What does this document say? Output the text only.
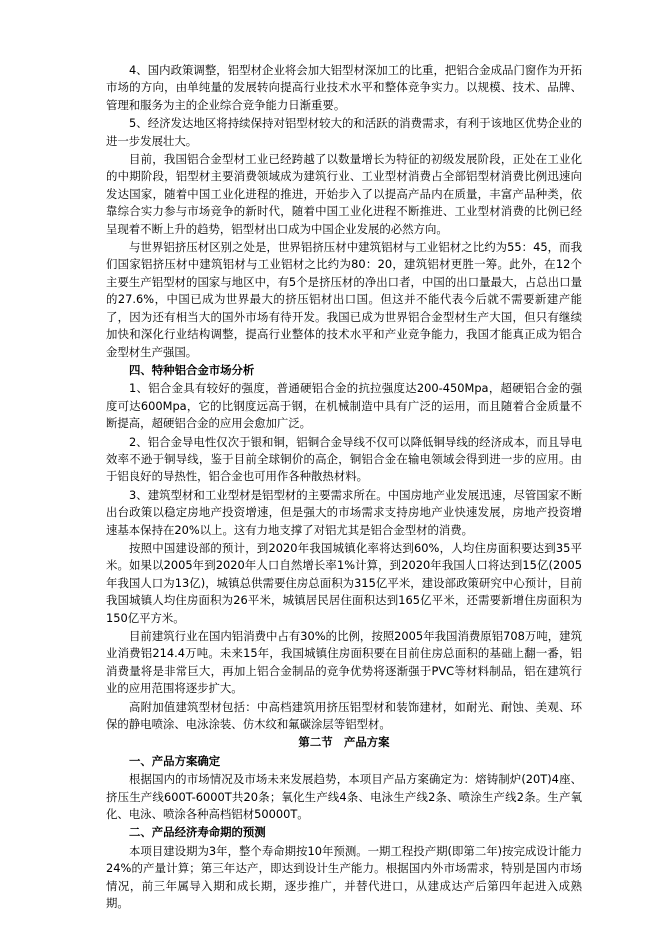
4、国内政策调整，铝型材企业将会加大铝型材深加工的比重，把铝合金成品门窗作为开拓市场的方向，由单纯量的发展转向提高行业技术水平和整体竞争实力。以规模、技术、品牌、管理和服务为主的企业综合竞争能力日渐重要。

5、经济发达地区将持续保持对铝型材较大的和活跃的消费需求，有利于该地区优势企业的进一步发展壮大。

目前，我国铝合金型材工业已经跨越了以数量增长为特征的初级发展阶段，正处在工业化的中期阶段，铝型材主要消费领域成为建筑行业、工业型材消费占全部铝型材消费比例迅速向发达国家，随着中国工业化进程的推进，开始步入了以提高产品内在质量，丰富产品种类，依靠综合实力参与市场竞争的新时代，随着中国工业化进程不断推进、工业型材消费的比例已经呈现着不断上升的趋势，铝型材出口成为中国企业发展的必然方向。

与世界铝挤压材区别之处是，世界铝挤压材中建筑铝材与工业铝材之比约为55：45，而我们国家铝挤压材中建筑铝材与工业铝材之比约为80：20，建筑铝材更胜一筹。此外，在12个主要生产铝型材的国家与地区中，有5个是挤压材的净出口者，中国的出口量最大，占总出口量的27.6%，中国已成为世界最大的挤压铝材出口国。但这并不能代表今后就不需要新建产能了，因为还有相当大的国外市场有待开发。我国已成为世界铝合金型材生产大国，但只有继续加快和深化行业结构调整，提高行业整体的技术水平和产业竞争能力，我国才能真正成为铝合金型材生产强国。

四、特种铝合金市场分析

1、铝合金具有较好的强度，普通硬铝合金的抗拉强度达200-450Mpa，超硬铝合金的强度可达600Mpa，它的比钢度远高于钢，在机械制造中具有广泛的运用，而且随着合金质量不断提高，超硬铝合金的应用会愈加广泛。

2、铝合金导电性仅次于银和铜，铝铜合金导线不仅可以降低铜导线的经济成本，而且导电效率不逊于铜导线，鉴于目前全球铜价的高企，铜铝合金在输电领域会得到进一步的应用。由于铝良好的导热性，铝合金也可用作各种散热材料。

3、建筑型材和工业型材是铝型材的主要需求所在。中国房地产业发展迅速，尽管国家不断出台政策以稳定房地产投资增速，但是强大的市场需求支持房地产业快速发展，房地产投资增速基本保持在20%以上。这有力地支撑了对铝尤其是铝合金型材的消费。

按照中国建设部的预计，到2020年我国城镇化率将达到60%，人均住房面积要达到35平米。如果以2005年到2020年人口自然增长率1%计算，到2020年我国人口将达到15亿(2005年我国人口为13亿)，城镇总供需要住房总面积为315亿平米，建设部政策研究中心预计，目前我国城镇人均住房面积为26平米，城镇居民居住面积达到165亿平米，还需要新增住房面积为150亿平方米。

目前建筑行业在国内铝消费中占有30%的比例，按照2005年我国消费原铝708万吨，建筑业消费铝214.4万吨。未来15年，我国城镇住房面积要在目前住房总面积的基础上翻一番，铝消费量将是非常巨大，再加上铝合金制品的竞争优势将逐渐强于PVC等材料制品，铝在建筑行业的应用范围将逐步扩大。

高附加值建筑型材包括：中高档建筑用挤压铝型材和装饰建材，如耐光、耐蚀、美观、环保的静电喷涂、电泳涂装、仿木纹和氟碳涂层等铝型材。

第二节　产品方案

一、产品方案确定

根据国内的市场情况及市场未来发展趋势，本项目产品方案确定为：熔铸制炉(20T)4座、挤压生产线600T-6000T共20条；氧化生产线4条、电泳生产线2条、喷涂生产线2条。生产氧化、电泳、喷涂各种高档铝材50000T。

二、产品经济寿命期的预测

本项目建设期为3年，整个寿命期按10年预测。一期工程投产期(即第二年)按完成设计能力24%的产量计算；第三年达产，即达到设计生产能力。根据国内外市场需求，特别是国内市场情况，前三年属导入期和成长期，逐步推广，并替代进口，从建成达产后第四年起进入成熟期。
